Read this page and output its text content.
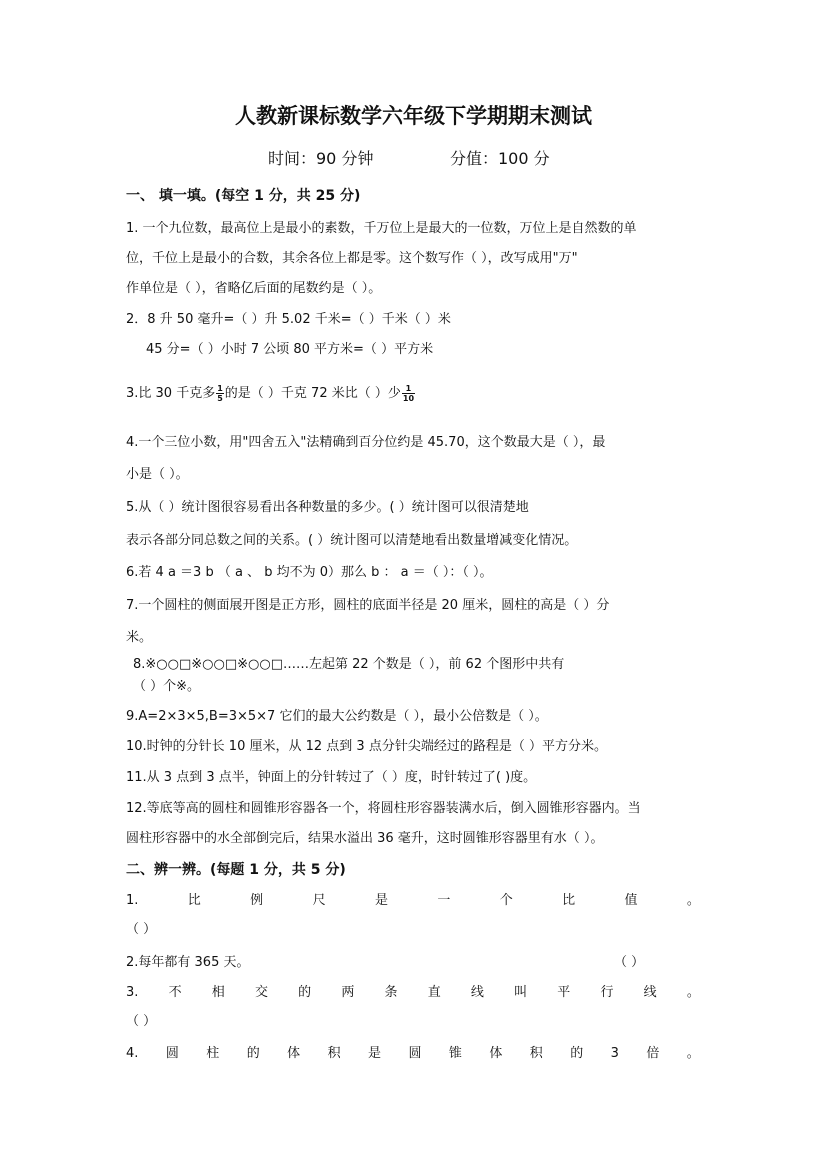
人教新课标数学六年级下学期期末测试
时间：90 分钟	分值：100 分
一、 填一填。(每空 1 分，共 25 分)
1. 一个九位数，最高位上是最小的素数，千万位上是最大的一位数，万位上是自然数的单
位，千位上是最小的合数，其余各位上都是零。这个数写作（ ），改写成用"万"
作单位是（ ），省略亿后面的尾数约是（ ）。
2．8 升 50 毫升=（ ）升 5.02 千米=（ ）千米（ ）米
45 分=（ ）小时 7 公顷 80 平方米=（ ）平方米
3.比 30 千克多 $\frac{1}{5}$ 的是（ ）千克 72 米比（ ）少 $\frac{1}{10}$
4.一个三位小数，用"四舍五入"法精确到百分位约是 45.70，这个数最大是（ ），最
小是（ ）。
5.从（ ）统计图很容易看出各种数量的多少。( ）统计图可以很清楚地
表示各部分同总数之间的关系。( ）统计图可以清楚地看出数量增减变化情况。
6.若 4 a ＝3 b （ a 、 b 均不为 0）那么 b ： a ＝（ ）：（ ）。
7.一个圆柱的侧面展开图是正方形，圆柱的底面半径是 20 厘米，圆柱的高是（ ）分
米。
8.※○○□※○○□※○○□……左起第 22 个数是（ ），前 62 个图形中共有
（ ）个※。
9.A=2×3×5,B=3×5×7 它们的最大公约数是（ ），最小公倍数是（ ）。
10.时钟的分针长 10 厘米，从 12 点到 3 点分针尖端经过的路程是（ ）平方分米。
11.从 3 点到 3 点半，钟面上的分针转过了（ ）度，时针转过了( )度。
12.等底等高的圆柱和圆锥形容器各一个，将圆柱形容器装满水后，倒入圆锥形容器内。当
圆柱形容器中的水全部倒完后，结果水溢出 36 毫升，这时圆锥形容器里有水（ ）。
二、辨一辨。(每题 1 分，共 5 分)
1.	比	例	尺	是	一	个	比	值	。
（ ）
2.每年都有 365 天。	（ ）
3. 不 相 交 的 两 条 直 线 叫 平 行 线 。
（ ）
4. 圆 柱 的 体 积 是 圆 锥 体 积 的 3 倍 。
